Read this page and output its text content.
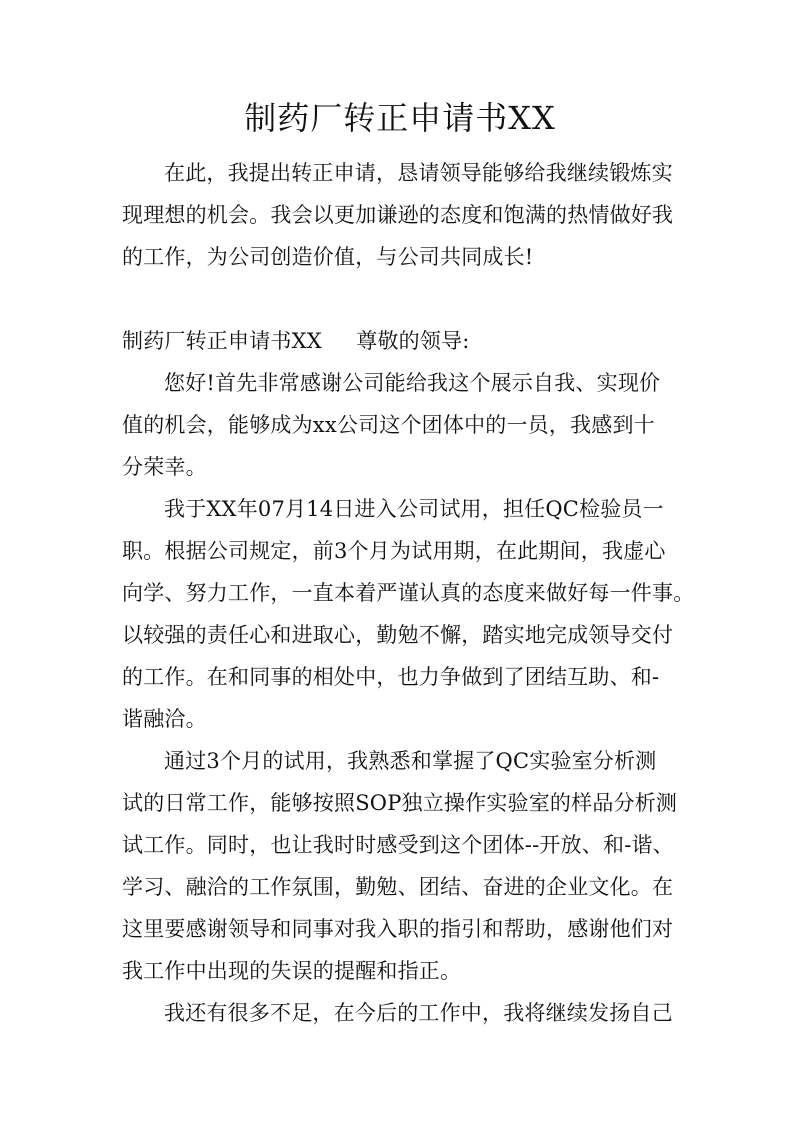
制药厂转正申请书XX
在此，我提出转正申请，恳请领导能够给我继续锻炼实
现理想的机会。我会以更加谦逊的态度和饱满的热情做好我
的工作，为公司创造价值，与公司共同成长!
制药厂转正申请书XX     尊敬的领导:
您好!首先非常感谢公司能给我这个展示自我、实现价
值的机会，能够成为xx公司这个团体中的一员，我感到十
分荣幸。
我于XX年07月14日进入公司试用，担任QC检验员一
职。根据公司规定，前3个月为试用期，在此期间，我虚心
向学、努力工作，一直本着严谨认真的态度来做好每一件事。
以较强的责任心和进取心，勤勉不懈，踏实地完成领导交付
的工作。在和同事的相处中，也力争做到了团结互助、和-
谐融洽。
通过3个月的试用，我熟悉和掌握了QC实验室分析测
试的日常工作，能够按照SOP独立操作实验室的样品分析测
试工作。同时，也让我时时感受到这个团体--开放、和-谐、
学习、融洽的工作氛围，勤勉、团结、奋进的企业文化。在
这里要感谢领导和同事对我入职的指引和帮助，感谢他们对
我工作中出现的失误的提醒和指正。
我还有很多不足，在今后的工作中，我将继续发扬自己
